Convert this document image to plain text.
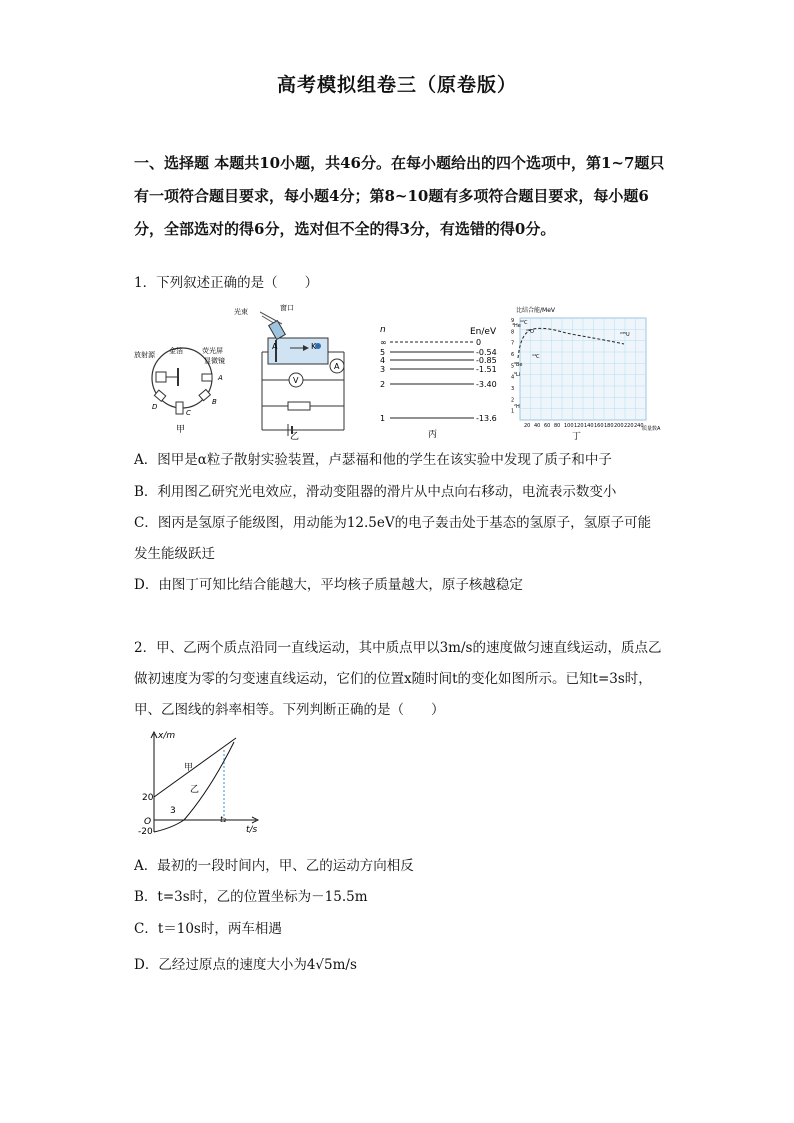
高考模拟组卷三（原卷版）
一、选择题 本题共10小题，共46分。在每小题给出的四个选项中，第1~7题只有一项符合题目要求，每小题4分；第8~10题有多项符合题目要求，每小题6分，全部选对的得6分，选对但不全的得3分，有选错的得0分。
1．下列叙述正确的是（　　）
放射源 金箔	荧光屏
显微镜
A
B
C
D
甲
光束	窗口
A	K
A
V
乙
n	En/eV
∞	0
5	-0.54
4	-0.85
3	-1.51
2	-3.40
1	-13.6
丙
比结合能/MeV
9
8
7
6
5
4
3
2
1
20 40 60 80 100 120 140 160 180 200 220 240
⁴He ¹²C
¹⁶O
¹⁴C
⁹Be
⁶Li
²H
²³⁵U
质量数A
丁
A．图甲是α粒子散射实验装置，卢瑟福和他的学生在该实验中发现了质子和中子
B．利用图乙研究光电效应，滑动变阻器的滑片从中点向右移动，电流表示数变小
C．图丙是氢原子能级图，用动能为12.5eV的电子轰击处于基态的氢原子，氢原子可能
发生能级跃迁
D．由图丁可知比结合能越大，平均核子质量越大，原子核越稳定
2．甲、乙两个质点沿同一直线运动，其中质点甲以3m/s的速度做匀速直线运动，质点乙做初速度为零的匀变速直线运动，它们的位置x随时间t的变化如图所示。已知t=3s时，甲、乙图线的斜率相等。下列判断正确的是（　　）
x/m
t/s
20
-20
O
3
t₂
甲
乙
A．最初的一段时间内，甲、乙的运动方向相反
B．t=3s时，乙的位置坐标为－15.5m
C．t＝10s时，两车相遇
D．乙经过原点的速度大小为4√5m/s
